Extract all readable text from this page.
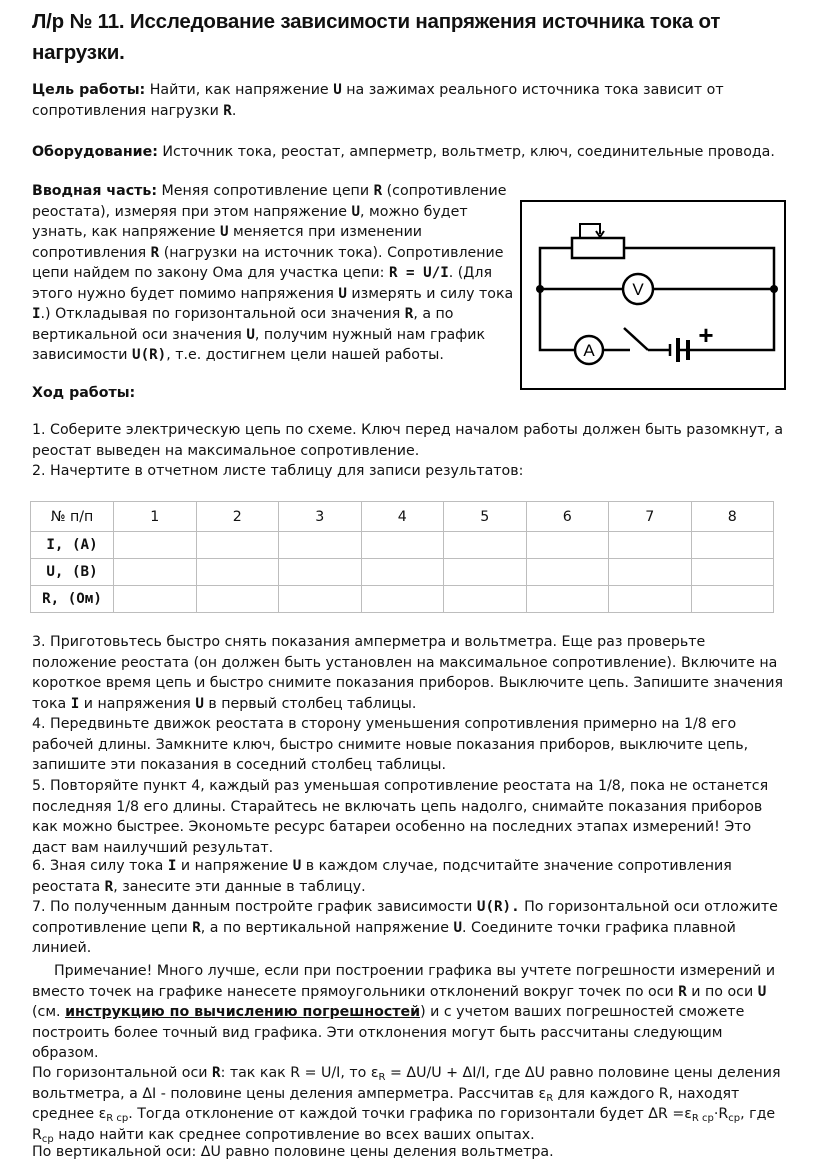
Л/р № 11. Исследование зависимости напряжения источника тока от нагрузки.
Цель работы: Найти, как напряжение U на зажимах реального источника тока зависит от сопротивления нагрузки R.
Оборудование: Источник тока, реостат, амперметр, вольтметр, ключ, соединительные провода.
Вводная часть: Меняя сопротивление цепи R (сопротивление реостата), измеряя при этом напряжение U, можно будет узнать, как напряжение U меняется при изменении сопротивления R (нагрузки на источник тока). Сопротивление цепи найдем по закону Ома для участка цепи: R = U/I. (Для этого нужно будет помимо напряжения U измерять и силу тока I.) Откладывая по горизонтальной оси значения R, а по вертикальной оси значения U, получим нужный нам график зависимости U(R), т.е. достигнем цели нашей работы.
V
A
+
Ход работы:
1. Соберите электрическую цепь по схеме. Ключ перед началом работы должен быть разомкнут, а реостат выведен на максимальное сопротивление.
2. Начертите в отчетном листе таблицу для записи результатов:
№ п/п	1	2	3	4	5	6	7	8
I, (A)								
U, (B)								
R, (Ом)								
3. Приготовьтесь быстро снять показания амперметра и вольтметра. Еще раз проверьте положение реостата (он должен быть установлен на максимальное сопротивление). Включите на короткое время цепь и быстро снимите показания приборов. Выключите цепь. Запишите значения тока I и напряжения U в первый столбец таблицы.
4. Передвиньте движок реостата в сторону уменьшения сопротивления примерно на 1/8 его рабочей длины. Замкните ключ, быстро снимите новые показания приборов, выключите цепь, запишите эти показания в соседний столбец таблицы.
5. Повторяйте пункт 4, каждый раз уменьшая сопротивление реостата на 1/8, пока не останется последняя 1/8 его длины. Старайтесь не включать цепь надолго, снимайте показания приборов как можно быстрее. Экономьте ресурс батареи особенно на последних этапах измерений! Это даст вам наилучший результат.
6. Зная силу тока I и напряжение U в каждом случае, подсчитайте значение сопротивления реостата R, занесите эти данные в таблицу.
7. По полученным данным постройте график зависимости U(R). По горизонтальной оси отложите сопротивление цепи R, а по вертикальной напряжение U. Соедините точки графика плавной линией.
Примечание! Много лучше, если при построении графика вы учтете погрешности измерений и вместо точек на графике нанесете прямоугольники отклонений вокруг точек по оси R и по оси U (см. инструкцию по вычислению погрешностей) и с учетом ваших погрешностей сможете построить более точный вид графика. Эти отклонения могут быть рассчитаны следующим образом.
По горизонтальной оси R: так как R = U/I, то $\varepsilon_R = \Delta U/U + \Delta I/I$, где ΔU равно половине цены деления вольтметра, а ΔI - половине цены деления амперметра. Рассчитав $\varepsilon_R$ для каждого R, находят среднее $\varepsilon_{R ср}$. Тогда отклонение от каждой точки графика по горизонтали будет $\Delta R =\varepsilon_{R ср}\cdot R_{ср}$, где $R_{ср}$ надо найти как среднее сопротивление во всех ваших опытах.
По вертикальной оси: ΔU равно половине цены деления вольтметра.
